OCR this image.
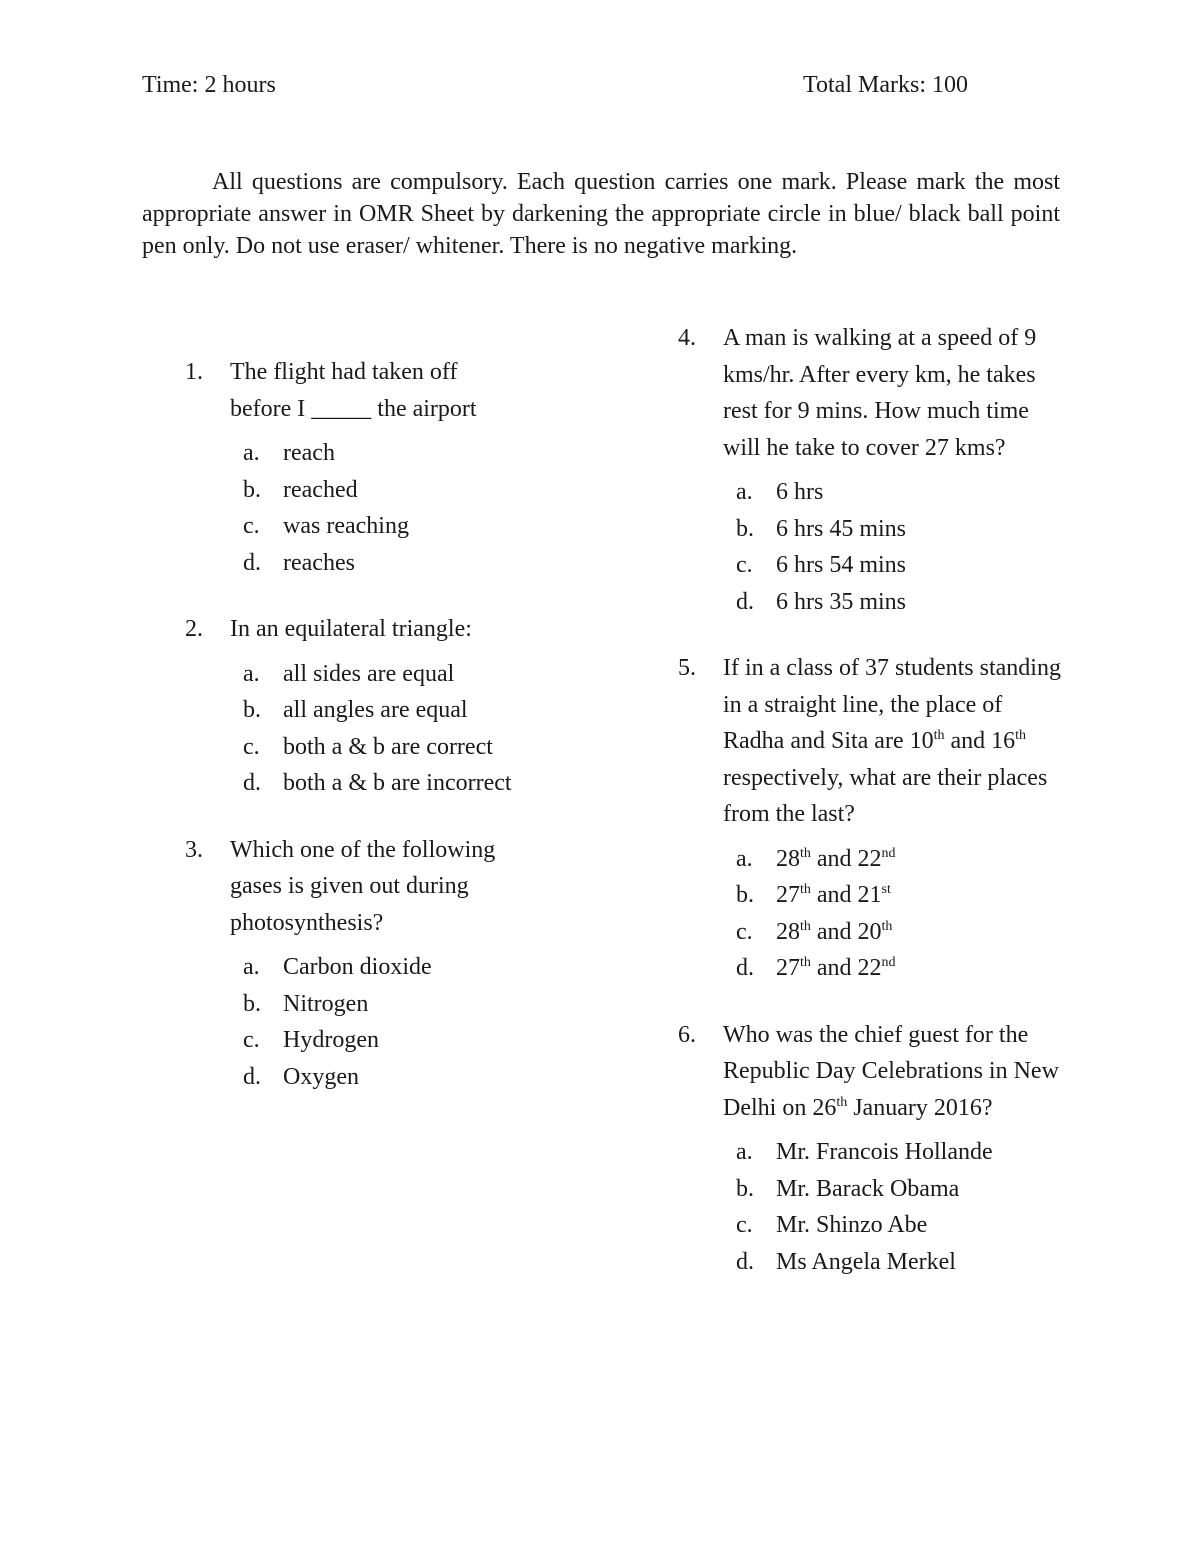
Time: 2 hours	Total Marks: 100

All questions are compulsory. Each question carries one mark. Please mark the most appropriate answer in OMR Sheet by darkening the appropriate circle in blue/ black ball point pen only. Do not use eraser/ whitener. There is no negative marking.

1. The flight had taken off before I _____ the airport
a. reach
b. reached
c. was reaching
d. reaches
2. In an equilateral triangle:
a. all sides are equal
b. all angles are equal
c. both a & b are correct
d. both a & b are incorrect
3. Which one of the following gases is given out during photosynthesis?
a. Carbon dioxide
b. Nitrogen
c. Hydrogen
d. Oxygen
4. A man is walking at a speed of 9 kms/hr. After every km, he takes rest for 9 mins. How much time will he take to cover 27 kms?
a. 6 hrs
b. 6 hrs 45 mins
c. 6 hrs 54 mins
d. 6 hrs 35 mins
5. If in a class of 37 students standing in a straight line, the place of Radha and Sita are 10th and 16th respectively, what are their places from the last?
a. 28th and 22nd
b. 27th and 21st
c. 28th and 20th
d. 27th and 22nd
6. Who was the chief guest for the Republic Day Celebrations in New Delhi on 26th January 2016?
a. Mr. Francois Hollande
b. Mr. Barack Obama
c. Mr. Shinzo Abe
d. Ms Angela Merkel
